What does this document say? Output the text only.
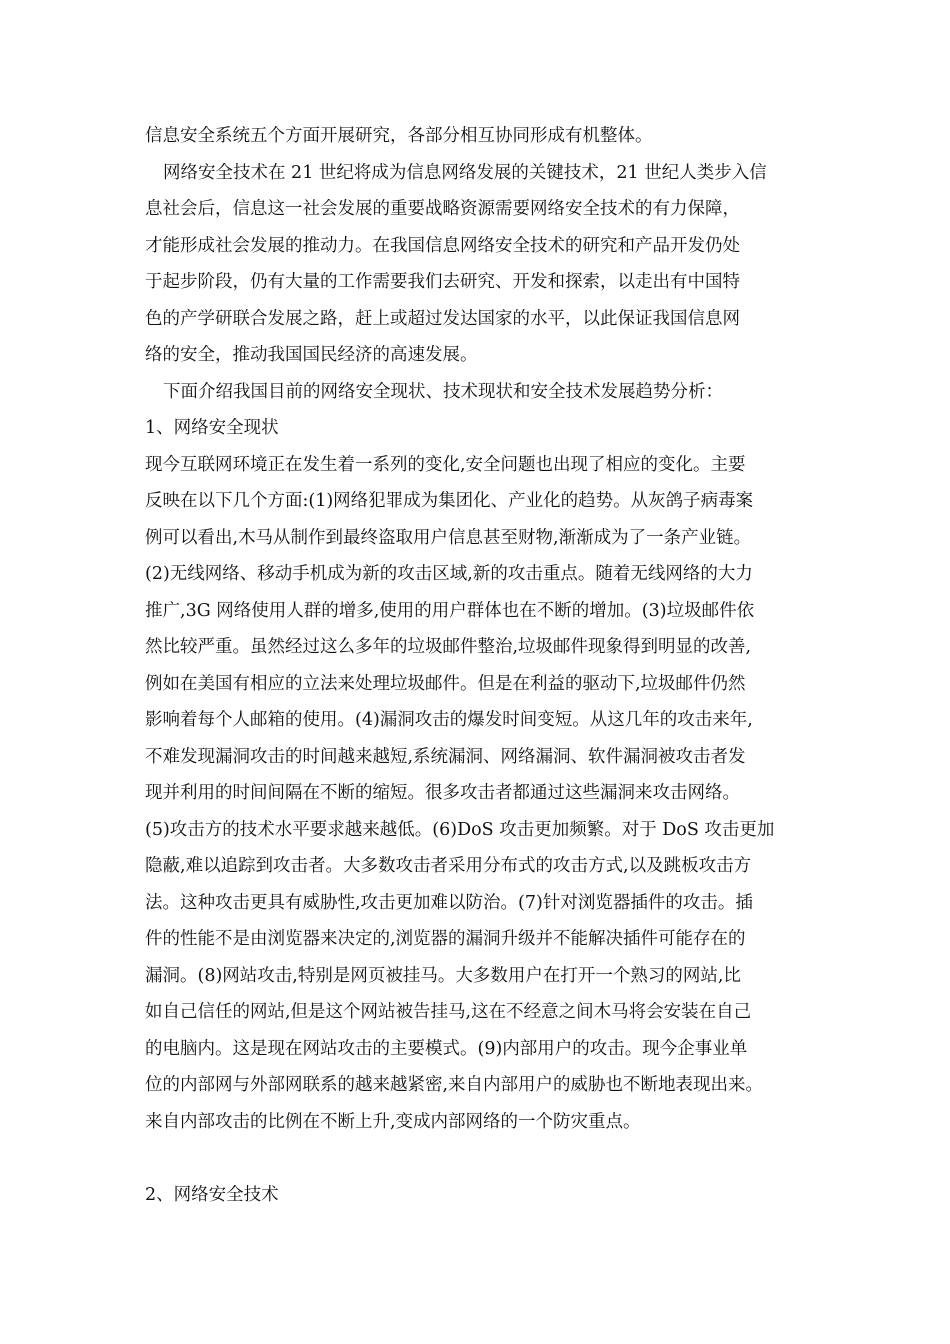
信息安全系统五个方面开展研究，各部分相互协同形成有机整体。
网络安全技术在 21 世纪将成为信息网络发展的关键技术，21 世纪人类步入信
息社会后，信息这一社会发展的重要战略资源需要网络安全技术的有力保障，
才能形成社会发展的推动力。在我国信息网络安全技术的研究和产品开发仍处
于起步阶段，仍有大量的工作需要我们去研究、开发和探索，以走出有中国特
色的产学研联合发展之路，赶上或超过发达国家的水平，以此保证我国信息网
络的安全，推动我国国民经济的高速发展。
下面介绍我国目前的网络安全现状、技术现状和安全技术发展趋势分析：
1、网络安全现状
现今互联网环境正在发生着一系列的变化,安全问题也出现了相应的变化。主要
反映在以下几个方面:(1)网络犯罪成为集团化、产业化的趋势。从灰鸽子病毒案
例可以看出,木马从制作到最终盗取用户信息甚至财物,渐渐成为了一条产业链。
(2)无线网络、移动手机成为新的攻击区域,新的攻击重点。随着无线网络的大力
推广,3G 网络使用人群的增多,使用的用户群体也在不断的增加。(3)垃圾邮件依
然比较严重。虽然经过这么多年的垃圾邮件整治,垃圾邮件现象得到明显的改善,
例如在美国有相应的立法来处理垃圾邮件。但是在利益的驱动下,垃圾邮件仍然
影响着每个人邮箱的使用。(4)漏洞攻击的爆发时间变短。从这几年的攻击来年,
不难发现漏洞攻击的时间越来越短,系统漏洞、网络漏洞、软件漏洞被攻击者发
现并利用的时间间隔在不断的缩短。很多攻击者都通过这些漏洞来攻击网络。
(5)攻击方的技术水平要求越来越低。(6)DoS 攻击更加频繁。对于 DoS 攻击更加
隐蔽,难以追踪到攻击者。大多数攻击者采用分布式的攻击方式,以及跳板攻击方
法。这种攻击更具有威胁性,攻击更加难以防治。(7)针对浏览器插件的攻击。插
件的性能不是由浏览器来决定的,浏览器的漏洞升级并不能解决插件可能存在的
漏洞。(8)网站攻击,特别是网页被挂马。大多数用户在打开一个熟习的网站,比
如自己信任的网站,但是这个网站被告挂马,这在不经意之间木马将会安装在自己
的电脑内。这是现在网站攻击的主要模式。(9)内部用户的攻击。现今企事业单
位的内部网与外部网联系的越来越紧密,来自内部用户的威胁也不断地表现出来。
来自内部攻击的比例在不断上升,变成内部网络的一个防灾重点。
2、网络安全技术
